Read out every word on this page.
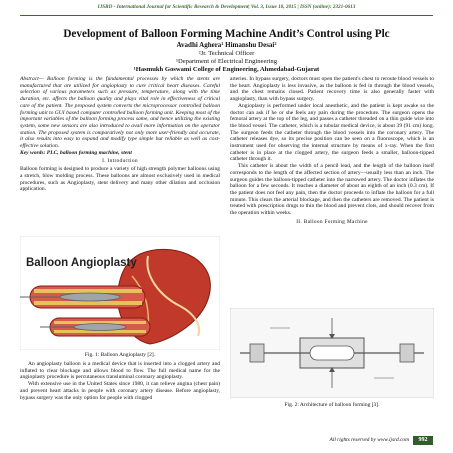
IJSRD - International Journal for Scientific Research & Development| Vol. 3, Issue 10, 2015 | ISSN (online): 2321-0613
Development of Balloon Forming Machine Andit’s Control using Plc
Avadhi Aghera¹ Himanshu Desai²
²Jr. Technical Officer
¹Department of Electrical Engineering
¹Hasmukh Goswami College of Engineering, Ahmedabad-Gujarat

Abstract— Balloon forming is the fundamental processes by which the stents are manufactured that are utilized for angioplasty to cure critical heart diseases. Careful selection of various parameters such as pressure, temperature, along with the time duration, etc. affects the balloon quality and plays vital role in effectiveness of critical care of the patient. The proposed system converts the microprocessor controlled balloon forming unit to GUI based computer controlled balloon forming unit. Keeping most of the important variables of the balloon forming process same, and hence utilizing the existing system, some new sensors are also introduced to avail more information on the operator station. The proposed system is comparatively not only more user-friendly and accurate, it also results into easy to expand and modify type simple but reliable as well as cost-effective solution.

Key words: PLC, balloon forming machine, stent

I. Introduction

Balloon forming is designed to produce a variety of high strength polymer balloons using a stretch, blow molding process. These balloons are almost exclusively used in medical procedures, such as Angioplasty, stent delivery and many other dilation and occlusion application.

Balloon Angioplasty
Fig. 1: Balloon Angioplasty [2].

An angioplasty balloon is a medical device that is inserted into a clogged artery and inflated to clear blockage and allows blood to flow. The full medical name for the angioplasty procedure is percutaneous transluminal coronary angioplasty.

With extensive use in the United States since 1980, it can relieve angina (chest pain) and prevent heart attacks in people with coronary artery disease. Before angioplasty, bypass surgery was the only option for people with clogged

arteries. In bypass surgery, doctors must open the patient's chest to reroute blood vessels to the heart. Angioplasty is less invasive, as the balloon is fed in through the blood vessels, and the chest remains closed. Patient recovery time is also generally faster with angioplasty, than with bypass surgery.

Angioplasty is performed under local anesthetic, and the patient is kept awake so the doctor can ask if he or she feels any pain during the procedure. The surgeon opens the femoral artery at the top of the leg, and passes a catheter threaded on a thin guide wire into the blood vessel. The catheter, which is a tubular medical device, is about 39 (91 cm) long. The surgeon feeds the catheter through the blood vessels into the coronary artery. The catheter releases dye, so its precise position can be seen on a fluoroscope, which is an instrument used for observing the internal structure by means of x-ray. When the first catheter is in place at the clogged artery, the surgeon feeds a smaller, balloon-tipped catheter through it.

This catheter is about the width of a pencil lead, and the length of the balloon itself corresponds to the length of the affected section of artery—usually less than an inch. The surgeon guides the balloon-tipped catheter into the narrowed artery. The doctor inflates the balloon for a few seconds. It reaches a diameter of about an eighth of an inch (0.3 cm). If the patient does not feel any pain, then the doctor proceeds to inflate the balloon for a full minute. This clears the arterial blockage, and then the catheters are removed. The patient is treated with prescription drugs to thin the blood and prevent clots, and should recover from the operation within weeks.

II. Balloon Forming Machine

Fig. 2: Architecture of balloon forming [3].
All rights reserved by www.ijsrd.com	992
